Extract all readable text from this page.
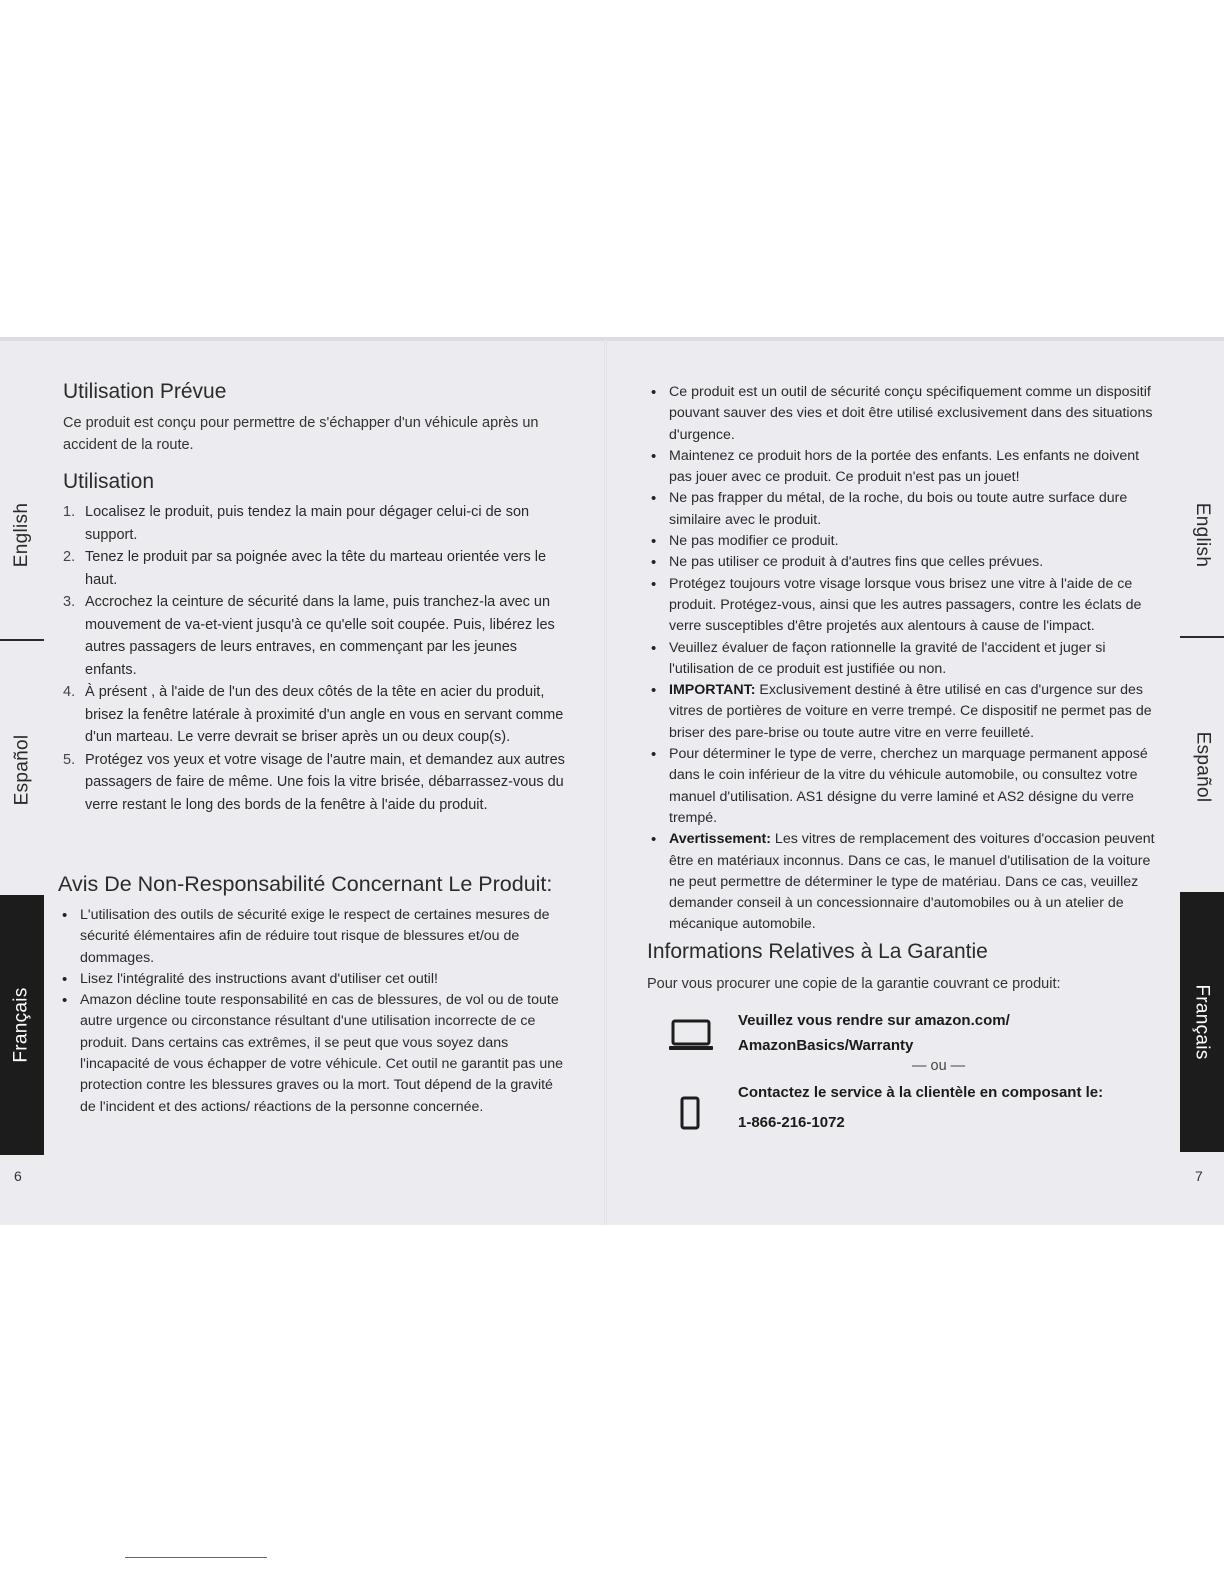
English
Español
Français
Utilisation Prévue

Ce produit est conçu pour permettre de s'échapper d'un véhicule après un accident de la route.

Utilisation
1. Localisez le produit, puis tendez la main pour dégager celui-ci de son support.
2. Tenez le produit par sa poignée avec la tête du marteau orientée vers le haut.
3. Accrochez la ceinture de sécurité dans la lame, puis tranchez-la avec un mouvement de va-et-vient jusqu'à ce qu'elle soit coupée. Puis, libérez les autres passagers de leurs entraves, en commençant par les jeunes enfants.
4. À présent , à l'aide de l'un des deux côtés de la tête en acier du produit, brisez la fenêtre latérale à proximité d'un angle en vous en servant comme d'un marteau. Le verre devrait se briser après un ou deux coup(s).
5. Protégez vos yeux et votre visage de l'autre main, et demandez aux autres passagers de faire de même. Une fois la vitre brisée, débarrassez-vous du verre restant le long des bords de la fenêtre à l'aide du produit.
Avis De Non-Responsabilité Concernant Le Produit:
• L'utilisation des outils de sécurité exige le respect de certaines mesures de sécurité élémentaires afin de réduire tout risque de blessures et/ou de dommages.
• Lisez l'intégralité des instructions avant d'utiliser cet outil!
• Amazon décline toute responsabilité en cas de blessures, de vol ou de toute autre urgence ou circonstance résultant d'une utilisation incorrecte de ce produit. Dans certains cas extrêmes, il se peut que vous soyez dans l'incapacité de vous échapper de votre véhicule. Cet outil ne garantit pas une protection contre les blessures graves ou la mort. Tout dépend de la gravité de l'incident et des actions/ réactions de la personne concernée.
6
• Ce produit est un outil de sécurité conçu spécifiquement comme un dispositif pouvant sauver des vies et doit être utilisé exclusivement dans des situations d'urgence.
• Maintenez ce produit hors de la portée des enfants. Les enfants ne doivent pas jouer avec ce produit. Ce produit n'est pas un jouet!
• Ne pas frapper du métal, de la roche, du bois ou toute autre surface dure similaire avec le produit.
• Ne pas modifier ce produit.
• Ne pas utiliser ce produit à d'autres fins que celles prévues.
• Protégez toujours votre visage lorsque vous brisez une vitre à l'aide de ce produit. Protégez-vous, ainsi que les autres passagers, contre les éclats de verre susceptibles d'être projetés aux alentours à cause de l'impact.
• Veuillez évaluer de façon rationnelle la gravité de l'accident et juger si l'utilisation de ce produit est justifiée ou non.
• IMPORTANT: Exclusivement destiné à être utilisé en cas d'urgence sur des vitres de portières de voiture en verre trempé. Ce dispositif ne permet pas de briser des pare-brise ou toute autre vitre en verre feuilleté.
• Pour déterminer le type de verre, cherchez un marquage permanent apposé dans le coin inférieur de la vitre du véhicule automobile, ou consultez votre manuel d'utilisation. AS1 désigne du verre laminé et AS2 désigne du verre trempé.
• Avertissement: Les vitres de remplacement des voitures d'occasion peuvent être en matériaux inconnus. Dans ce cas, le manuel d'utilisation de la voiture ne peut permettre de déterminer le type de matériau. Dans ce cas, veuillez demander conseil à un concessionnaire d'automobiles ou à un atelier de mécanique automobile.
Informations Relatives à La Garantie

Pour vous procurer une copie de la garantie couvrant ce produit:

Veuillez vous rendre sur amazon.com/
AmazonBasics/Warranty
— ou —
Contactez le service à la clientèle en composant le:
1-866-216-1072
English
Español
Français
7
